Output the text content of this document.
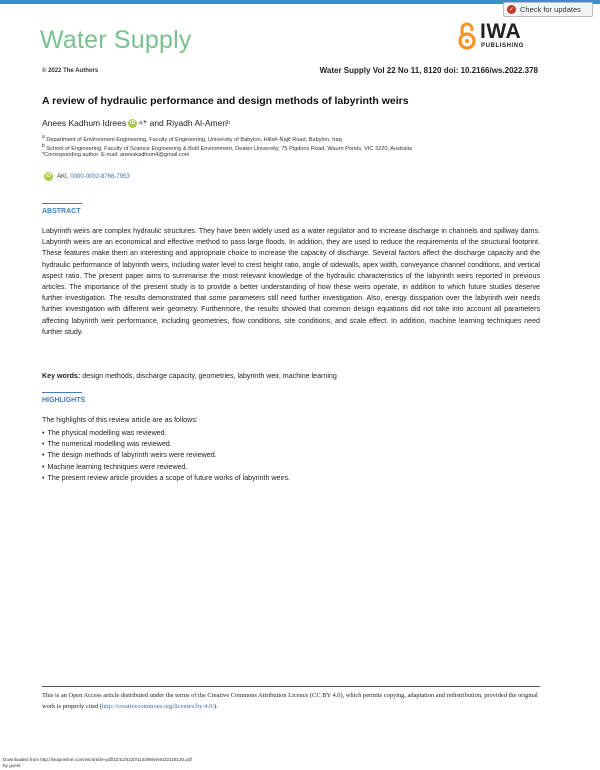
✓ Check for updates
Water Supply	IWA
PUBLISHING
© 2022 The Authors	Water Supply Vol 22 No 11, 8120 doi: 10.2166/ws.2022.378
A review of hydraulic performance and design methods of labyrinth weirs
Anees Kadhum Idrees iD a, * and Riyadh Al-Ameri b
$^a$ Department of Environment Engineering, Faculty of Engineering, University of Babylon, Hillah-Najif Road, Babylon, Iraq
$^b$ School of Engineering, Faculty of Science Engineering & Built Environment, Deakin University, 75 Pigdons Road, Waurn Ponds, VIC 3220, Australia
*Corresponding author. E-mail: aneeskadhum4@gmail.com
iD	AKI, 0000-0002-8766-7953
ABSTRACT

Labyrinth weirs are complex hydraulic structures. They have been widely used as a water regulator and to increase discharge in channels and spillway dams. Labyrinth weirs are an economical and effective method to pass large floods. In addition, they are used to reduce the requirements of the structural footprint. These features make them an interesting and appropriate choice to increase the capacity of discharge. Several factors affect the discharge capacity and the hydraulic performance of labyrinth weirs, including water level to crest height ratio, angle of sidewalls, apex width, conveyance channel conditions, and vertical aspect ratio. The present paper aims to summarise the most relevant knowledge of the hydraulic characteristics of the labyrinth weirs reported in previous articles. The importance of the present study is to provide a better understanding of how these weirs operate, in addition to which future studies deserve further investigation. The results demonstrated that some parameters still need further investigation. Also, energy dissipation over the labyrinth weir needs further investigation with different weir geometry. Furthermore, the results showed that common design equations did not take into account all parameters affecting labyrinth weir performance, including geometries, flow conditions, site conditions, and scale effect. In addition, machine learning techniques need further study.

Key words: design methods, discharge capacity, geometries, labyrinth weir, machine learning
HIGHLIGHTS
The highlights of this review article are as follows:
• The physical modelling was reviewed.
• The numerical modelling was reviewed.
• The design methods of labyrinth weirs were reviewed.
• Machine learning techniques were reviewed.
• The present review article provides a scope of future works of labyrinth weirs.

This is an Open Access article distributed under the terms of the Creative Commons Attribution Licence (CC BY 4.0), which permits copying, adaptation and redistribution, provided the original work is properly cited (http://creativecommons.org/licenses/by/4.0/).

Downloaded from http://iwaponline.com/ws/article-pdf/22/11/8120/1144989/ws022118120.pdf
by guest
